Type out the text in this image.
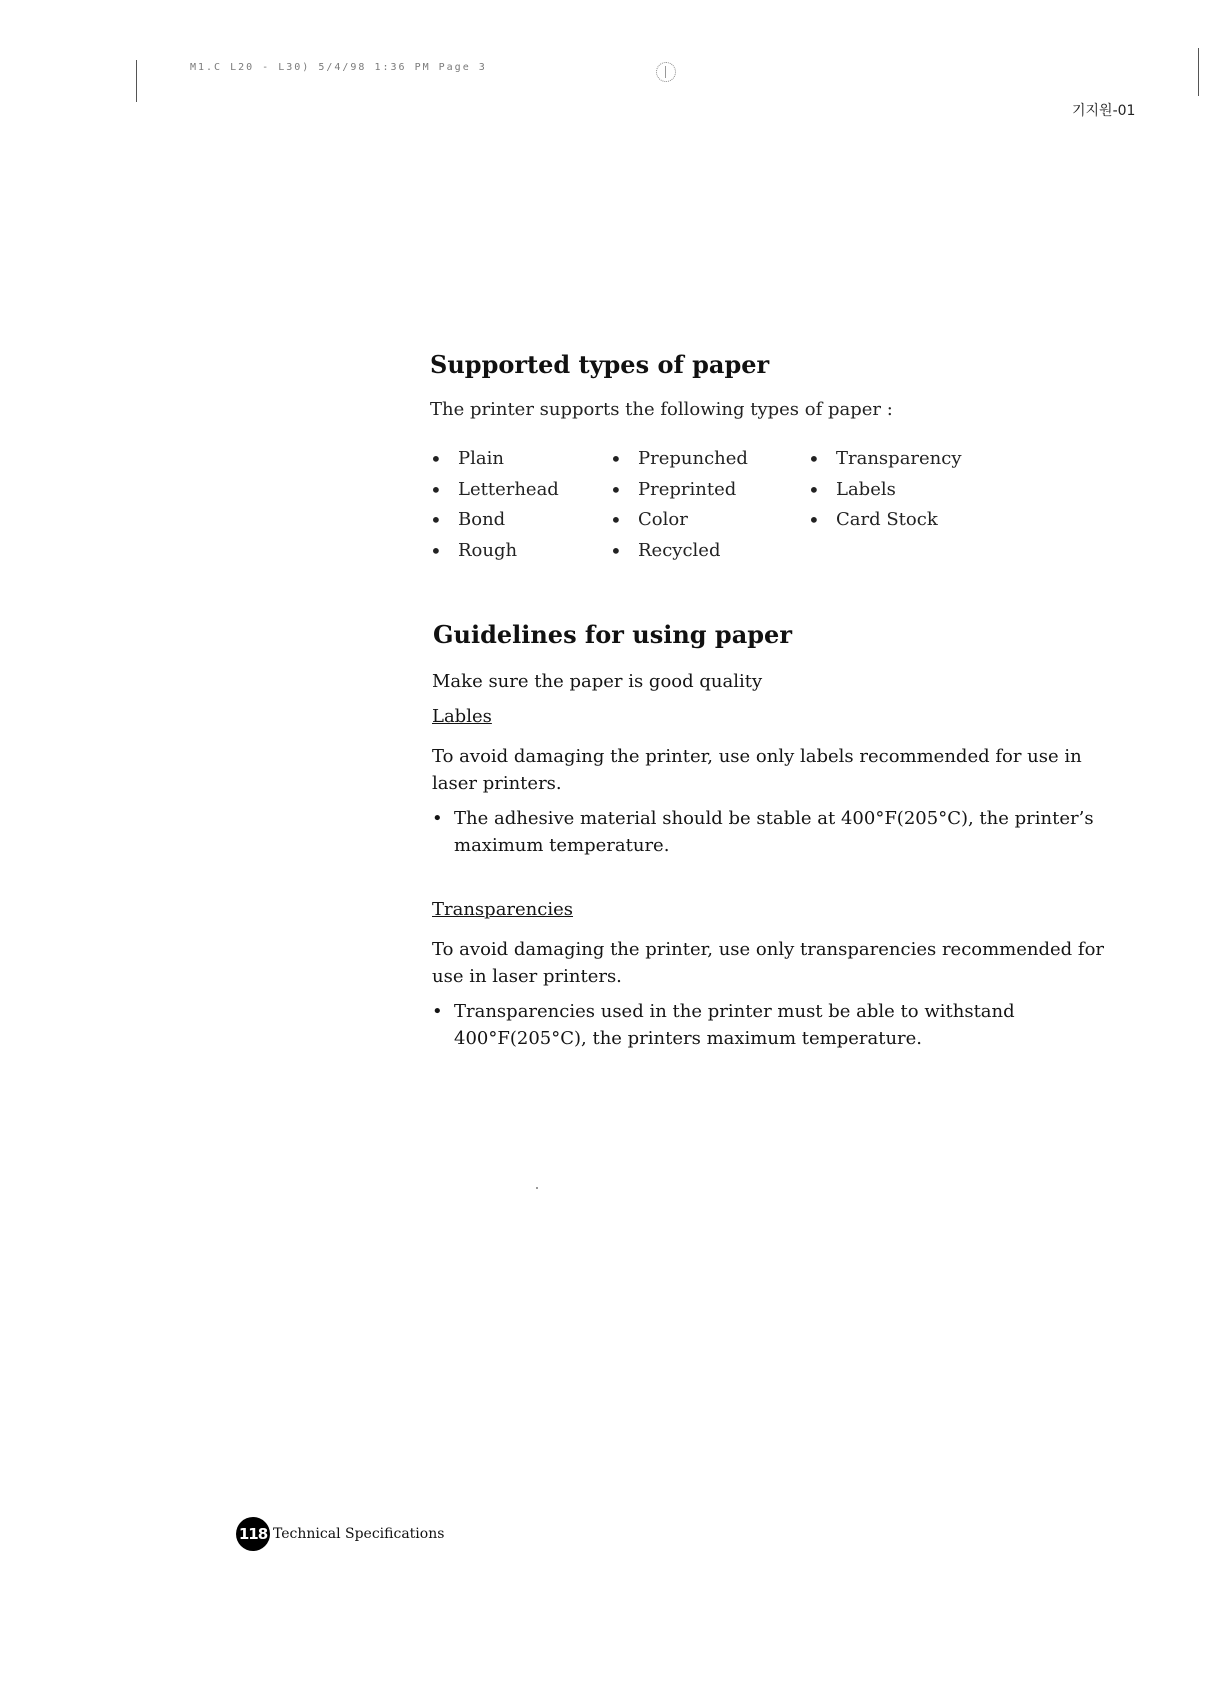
M1.C L20 - L30) 5/4/98 1:36 PM Page 3
기지원-01
Supported types of paper

The printer supports the following types of paper :

• Plain
• Letterhead
• Bond
• Rough
• Prepunched
• Preprinted
• Color
• Recycled
• Transparency
• Labels
• Card Stock
Guidelines for using paper

Make sure the paper is good quality

Lables

To avoid damaging the printer, use only labels recommended for use in laser printers.

• The adhesive material should be stable at 400°F(205°C), the printer’s maximum temperature.

Transparencies

To avoid damaging the printer, use only transparencies recommended for use in laser printers.

• Transparencies used in the printer must be able to withstand 400°F(205°C), the printers maximum temperature.

118 Technical Specifications
